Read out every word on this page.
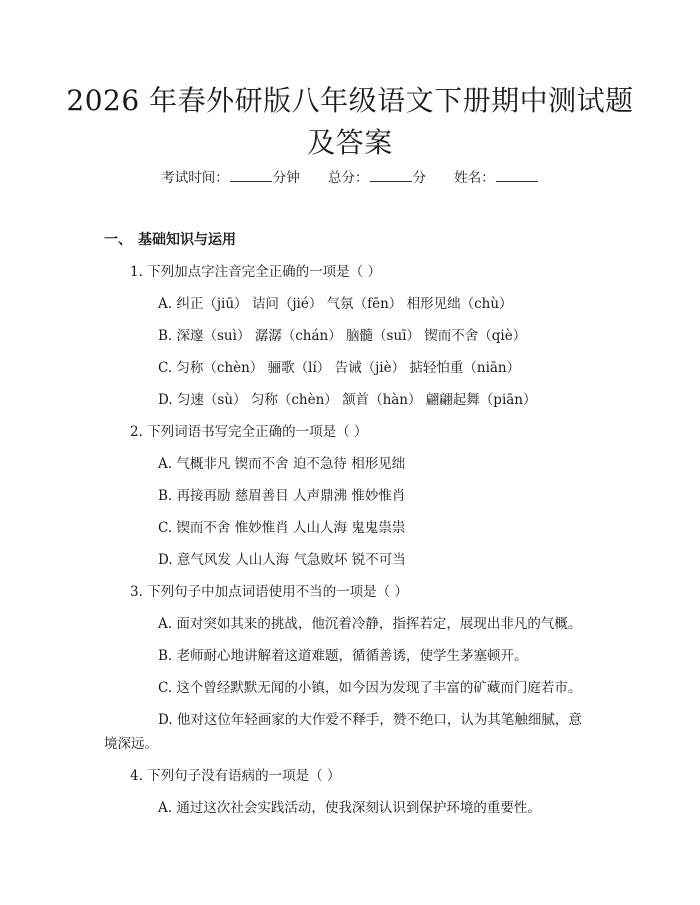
2026 年春外研版八年级语文下册期中测试题
及答案
考试时间：	分钟 总分：	分 姓名：
一、 基础知识与运用
1. 下列加点字注音完全正确的一项是（ ）
A. 纠正（jiū） 诘问（jié） 气氛（fēn） 相形见绌（chù）
B. 深邃（suì） 潺潺（chán） 脑髓（suī） 锲而不舍（qiè）
C. 匀称（chèn） 骊歌（lí） 告诫（jiè） 掂轻怕重（niān）
D. 匀速（sù） 匀称（chèn） 颔首（hàn） 翩翩起舞（piān）
2. 下列词语书写完全正确的一项是（ ）
A. 气概非凡 锲而不舍 迫不急待 相形见绌
B. 再接再励 慈眉善目 人声鼎沸 惟妙惟肖
C. 锲而不舍 惟妙惟肖 人山人海 鬼鬼祟祟
D. 意气风发 人山人海 气急败坏 锐不可当
3. 下列句子中加点词语使用不当的一项是（ ）
A. 面对突如其来的挑战，他沉着冷静，指挥若定，展现出非凡的气概。
B. 老师耐心地讲解着这道难题，循循善诱，使学生茅塞顿开。
C. 这个曾经默默无闻的小镇，如今因为发现了丰富的矿藏而门庭若市。
D. 他对这位年轻画家的大作爱不释手，赞不绝口，认为其笔触细腻，意
境深远。
4. 下列句子没有语病的一项是（ ）
A. 通过这次社会实践活动，使我深刻认识到保护环境的重要性。
